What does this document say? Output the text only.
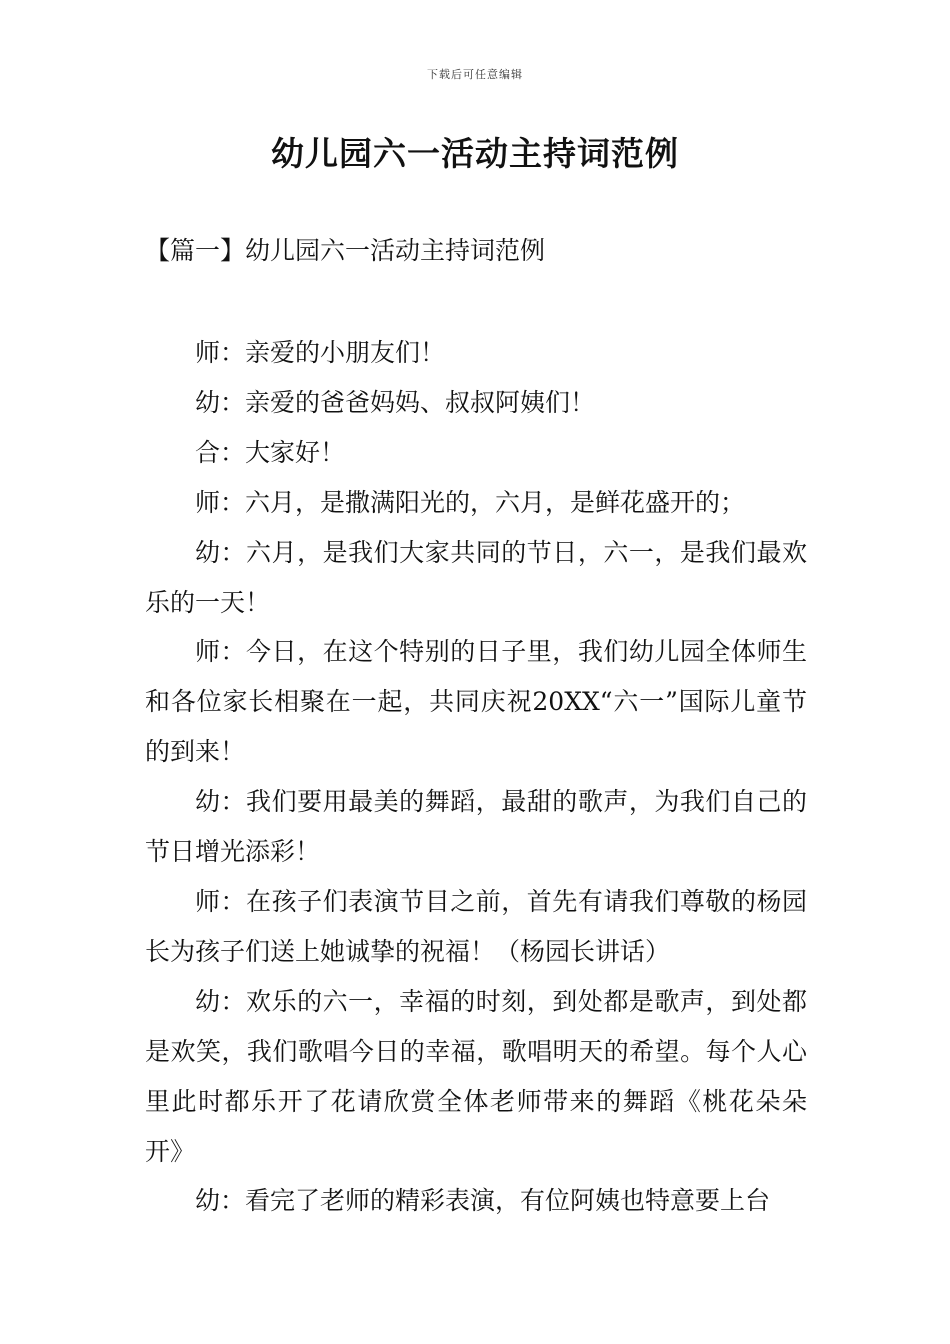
下载后可任意编辑
幼儿园六一活动主持词范例
【篇一】幼儿园六一活动主持词范例

师：亲爱的小朋友们！

幼：亲爱的爸爸妈妈、叔叔阿姨们！

合：大家好！

师：六月，是撒满阳光的，六月，是鲜花盛开的；

幼：六月，是我们大家共同的节日，六一，是我们最欢乐的一天！

师：今日，在这个特别的日子里，我们幼儿园全体师生和各位家长相聚在一起，共同庆祝20XX“六一”国际儿童节的到来！

幼：我们要用最美的舞蹈，最甜的歌声，为我们自己的节日增光添彩！

师：在孩子们表演节目之前，首先有请我们尊敬的杨园长为孩子们送上她诚挚的祝福！（杨园长讲话）

幼：欢乐的六一，幸福的时刻，到处都是歌声，到处都是欢笑，我们歌唱今日的幸福，歌唱明天的希望。每个人心里此时都乐开了花请欣赏全体老师带来的舞蹈《桃花朵朵开》

幼：看完了老师的精彩表演，有位阿姨也特意要上台
